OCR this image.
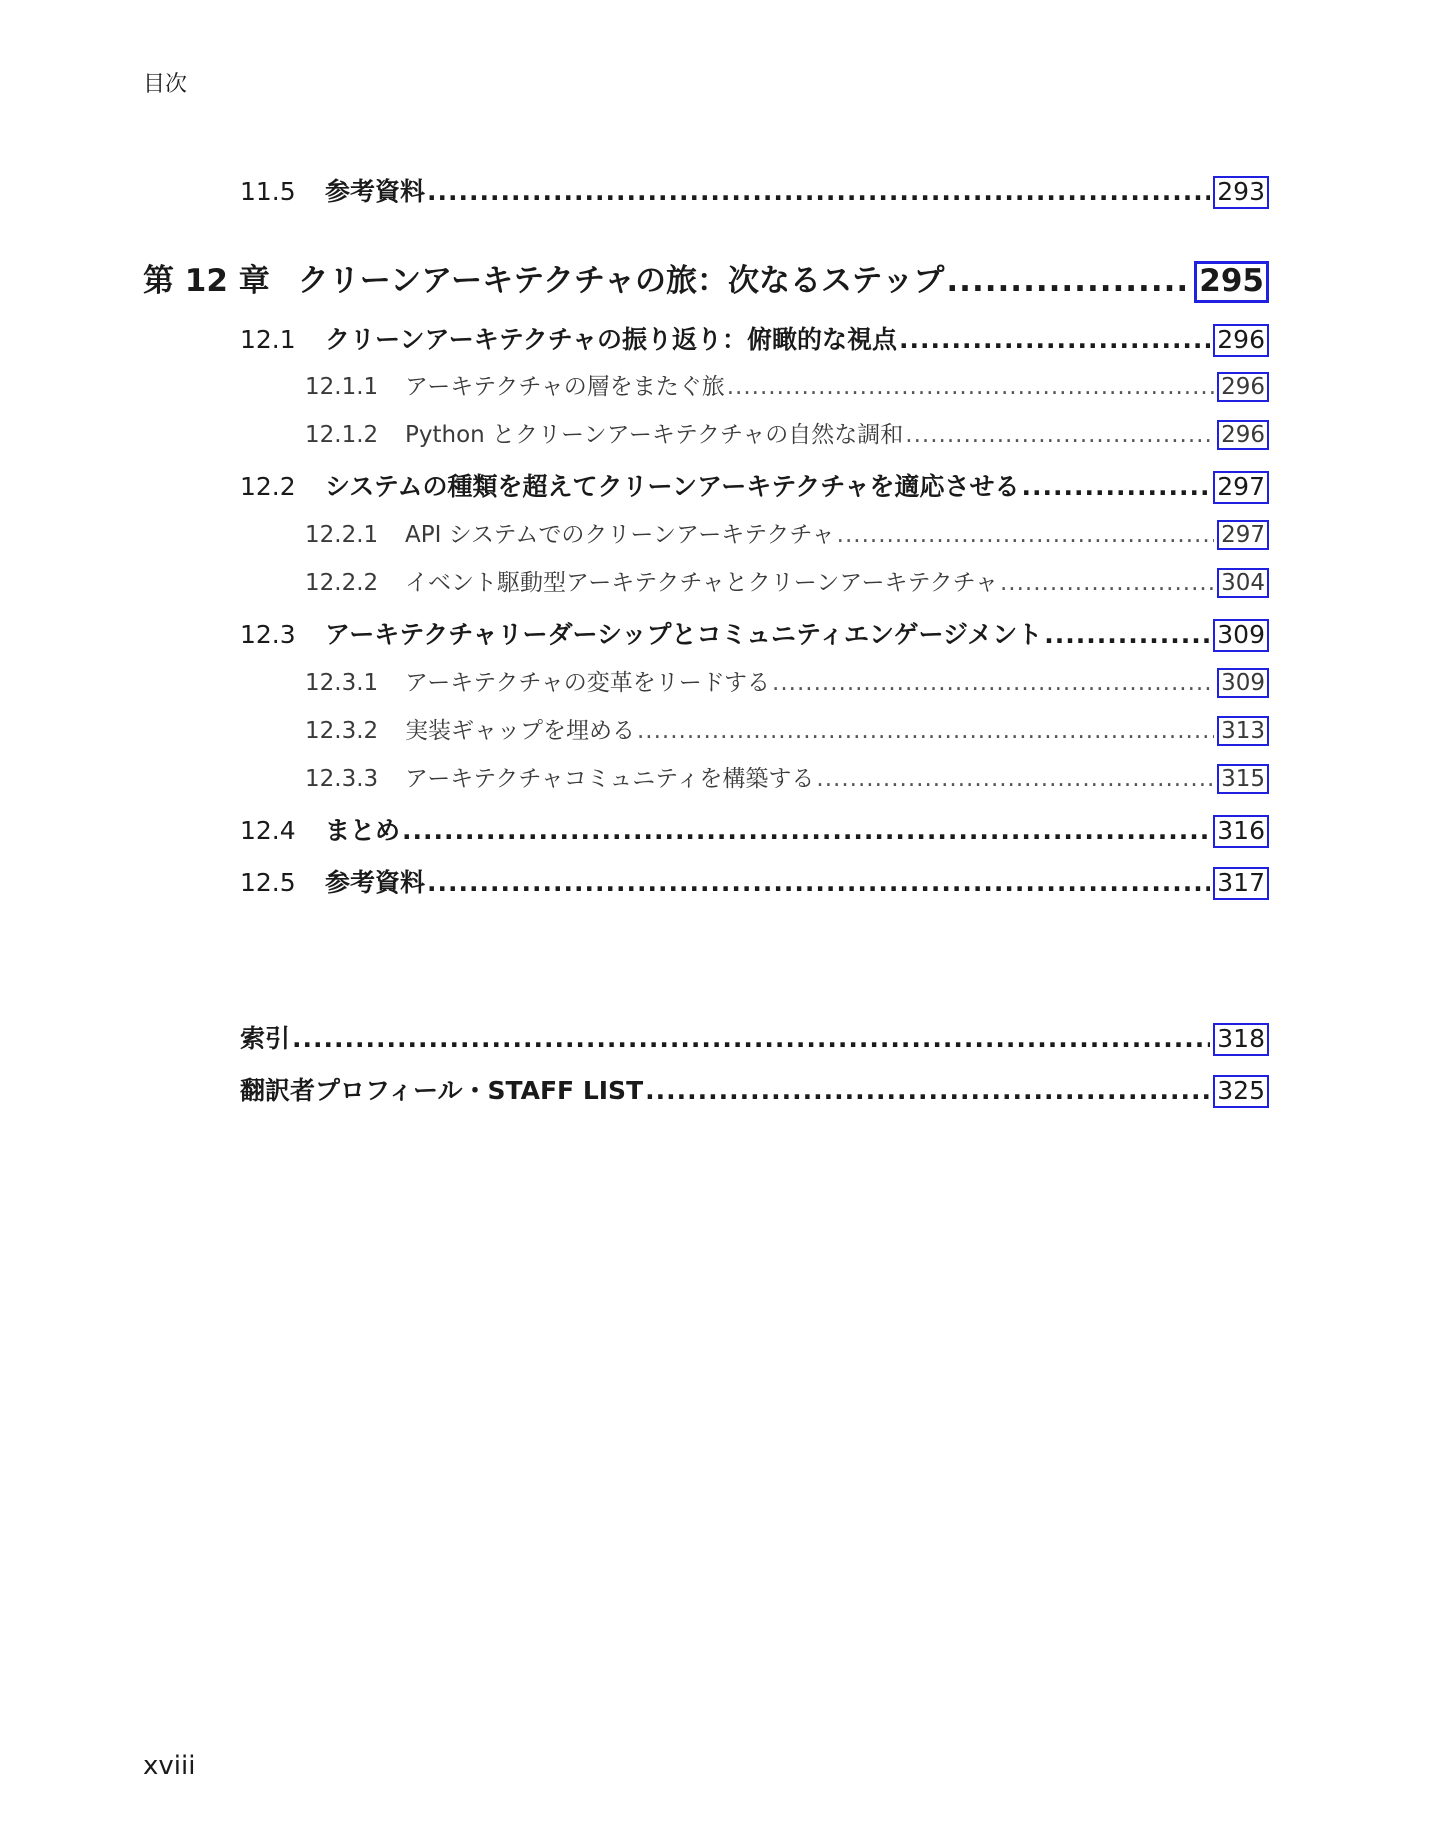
目次
11.5	参考資料 .....	293
第 12 章 クリーンアーキテクチャの旅：次なるステップ .....	295
12.1	クリーンアーキテクチャの振り返り：俯瞰的な視点 .....	296
12.1.1	アーキテクチャの層をまたぐ旅 .....	296
12.1.2	Python とクリーンアーキテクチャの自然な調和 .....	296
12.2	システムの種類を超えてクリーンアーキテクチャを適応させる .....	297
12.2.1	API システムでのクリーンアーキテクチャ .....	297
12.2.2	イベント駆動型アーキテクチャとクリーンアーキテクチャ .....	304
12.3	アーキテクチャリーダーシップとコミュニティエンゲージメント .....	309
12.3.1	アーキテクチャの変革をリードする .....	309
12.3.2	実装ギャップを埋める .....	313
12.3.3	アーキテクチャコミュニティを構築する .....	315
12.4	まとめ .....	316
12.5	参考資料 .....	317
索引 .....	318
翻訳者プロフィール・STAFF LIST .....	325
xviii
